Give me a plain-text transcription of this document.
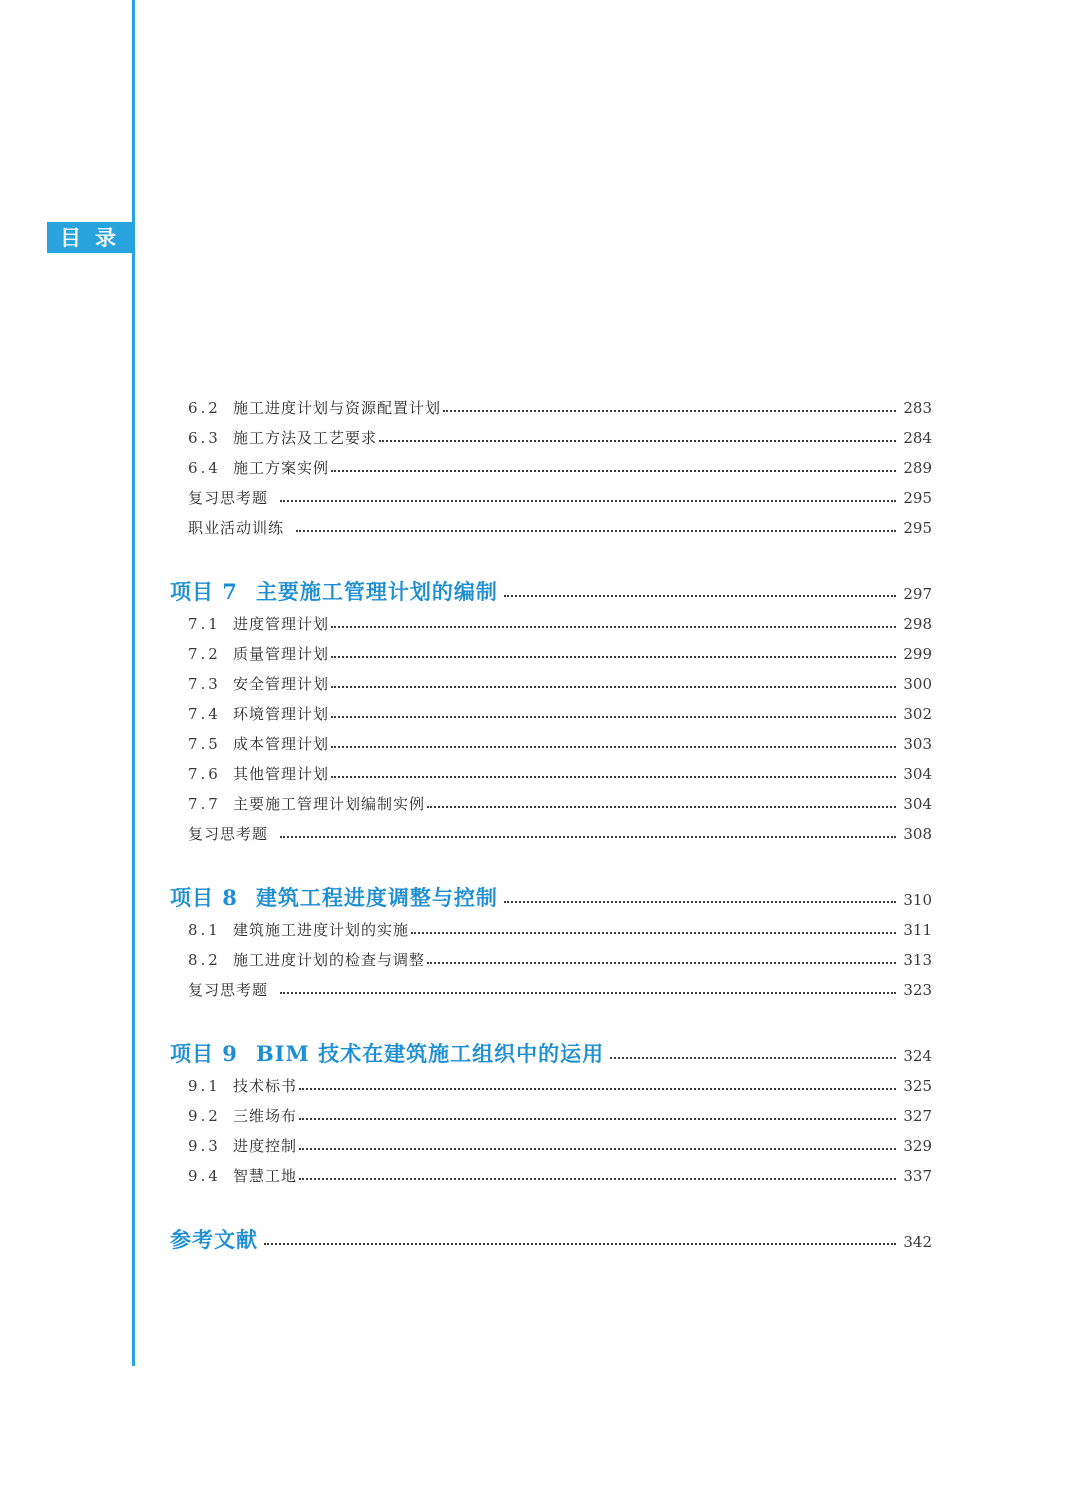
目录
6.2 施工进度计划与资源配置计划	283
6.3 施工方法及工艺要求	284
6.4 施工方案实例	289
复习思考题	295
职业活动训练	295
项目 7 主要施工管理计划的编制	297
7.1 进度管理计划	298
7.2 质量管理计划	299
7.3 安全管理计划	300
7.4 环境管理计划	302
7.5 成本管理计划	303
7.6 其他管理计划	304
7.7 主要施工管理计划编制实例	304
复习思考题	308
项目 8 建筑工程进度调整与控制	310
8.1 建筑施工进度计划的实施	311
8.2 施工进度计划的检查与调整	313
复习思考题	323
项目 9 BIM 技术在建筑施工组织中的运用	324
9.1 技术标书	325
9.2 三维场布	327
9.3 进度控制	329
9.4 智慧工地	337
参考文献	342
